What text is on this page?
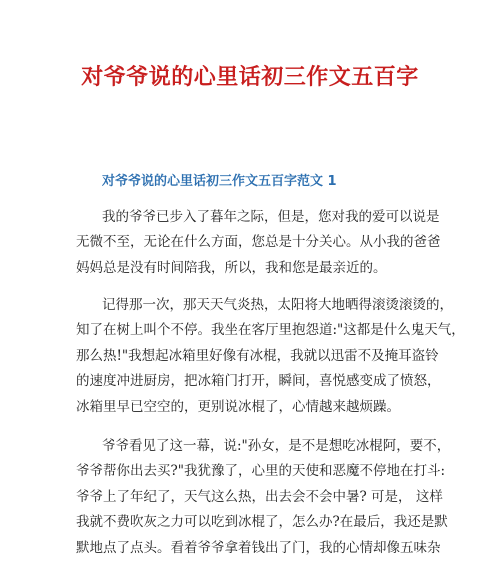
对爷爷说的心里话初三作文五百字
对爷爷说的心里话初三作文五百字范文 1
我的爷爷已步入了暮年之际，但是，您对我的爱可以说是
无微不至，无论在什么方面，您总是十分关心。从小我的爸爸
妈妈总是没有时间陪我，所以，我和您是最亲近的。
记得那一次，那天天气炎热，太阳将大地晒得滚烫滚烫的，
知了在树上叫个不停。我坐在客厅里抱怨道:"这都是什么鬼天气，
那么热!"我想起冰箱里好像有冰棍，我就以迅雷不及掩耳盗铃
的速度冲进厨房，把冰箱门打开，瞬间，喜悦感变成了愤怒，
冰箱里早已空空的，更别说冰棍了，心情越来越烦躁。
爷爷看见了这一幕，说:"孙女，是不是想吃冰棍阿，要不，
爷爷帮你出去买?"我犹豫了，心里的天使和恶魔不停地在打斗:
爷爷上了年纪了，天气这么热，出去会不会中暑? 可是， 这样
我就不费吹灰之力可以吃到冰棍了，怎么办?在最后，我还是默
默地点了点头。看着爷爷拿着钱出了门，我的心情却像五味杂
